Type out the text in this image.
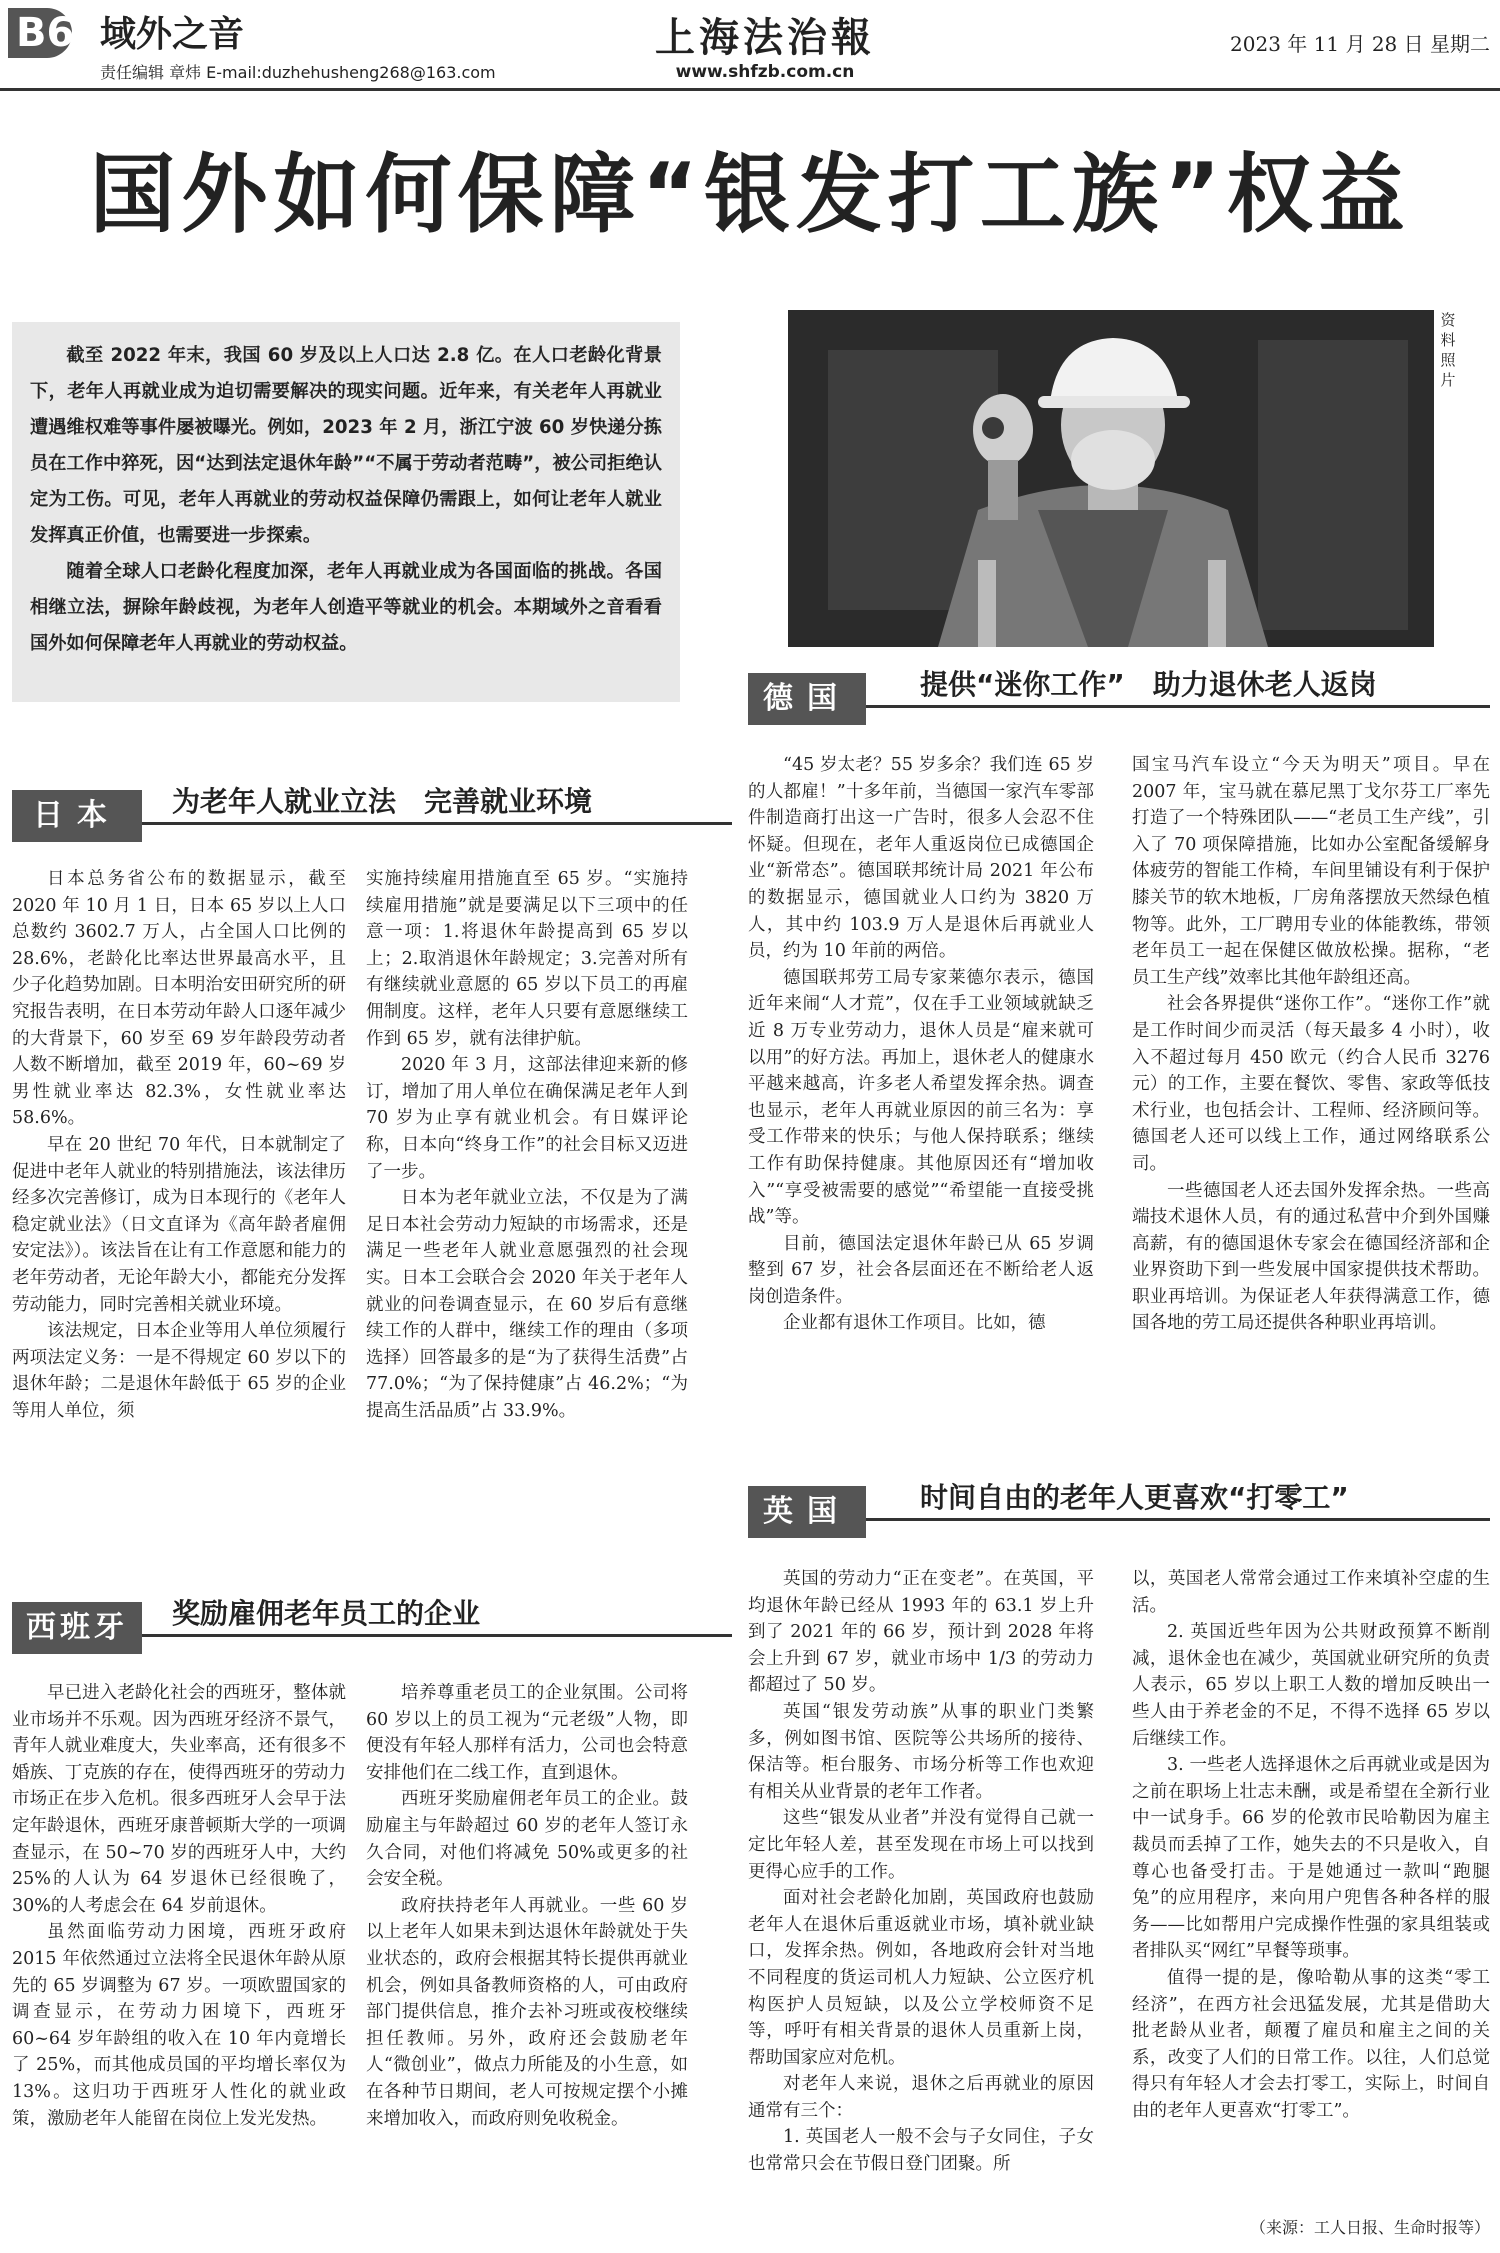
B6 域外之音
责任编辑 章炜 E-mail:duzhehusheng268@163.com
上海法治報
www.shfzb.com.cn
2023 年 11 月 28 日 星期二
国外如何保障“银发打工族”权益

截至 2022 年末，我国 60 岁及以上人口达 2.8 亿。在人口老龄化背景下，老年人再就业成为迫切需要解决的现实问题。近年来，有关老年人再就业遭遇维权难等事件屡被曝光。例如，2023 年 2 月，浙江宁波 60 岁快递分拣员在工作中猝死，因“达到法定退休年龄”“不属于劳动者范畴”，被公司拒绝认定为工伤。可见，老年人再就业的劳动权益保障仍需跟上，如何让老年人就业发挥真正价值，也需要进一步探索。

随着全球人口老龄化程度加深，老年人再就业成为各国面临的挑战。各国相继立法，摒除年龄歧视，为老年人创造平等就业的机会。本期域外之音看看国外如何保障老年人再就业的劳动权益。

资料照片
德国	提供“迷你工作”　助力退休老人返岗

“45 岁太老？55 岁多余？我们连 65 岁的人都雇！”十多年前，当德国一家汽车零部件制造商打出这一广告时，很多人会忍不住怀疑。但现在，老年人重返岗位已成德国企业“新常态”。德国联邦统计局 2021 年公布的数据显示，德国就业人口约为 3820 万人，其中约 103.9 万人是退休后再就业人员，约为 10 年前的两倍。

德国联邦劳工局专家莱德尔表示，德国近年来闹“人才荒”，仅在手工业领域就缺乏近 8 万专业劳动力，退休人员是“雇来就可以用”的好方法。再加上，退休老人的健康水平越来越高，许多老人希望发挥余热。调查也显示，老年人再就业原因的前三名为：享受工作带来的快乐；与他人保持联系；继续工作有助保持健康。其他原因还有“增加收入”“享受被需要的感觉”“希望能一直接受挑战”等。

目前，德国法定退休年龄已从 65 岁调整到 67 岁，社会各层面还在不断给老人返岗创造条件。

企业都有退休工作项目。比如，德

国宝马汽车设立“今天为明天”项目。早在 2007 年，宝马就在慕尼黑丁戈尔芬工厂率先打造了一个特殊团队——“老员工生产线”，引入了 70 项保障措施，比如办公室配备缓解身体疲劳的智能工作椅，车间里铺设有利于保护膝关节的软木地板，厂房角落摆放天然绿色植物等。此外，工厂聘用专业的体能教练，带领老年员工一起在保健区做放松操。据称，“老员工生产线”效率比其他年龄组还高。

社会各界提供“迷你工作”。“迷你工作”就是工作时间少而灵活（每天最多 4 小时），收入不超过每月 450 欧元（约合人民币 3276 元）的工作，主要在餐饮、零售、家政等低技术行业，也包括会计、工程师、经济顾问等。德国老人还可以线上工作，通过网络联系公司。

一些德国老人还去国外发挥余热。一些高端技术退休人员，有的通过私营中介到外国赚高薪，有的德国退休专家会在德国经济部和企业界资助下到一些发展中国家提供技术帮助。职业再培训。为保证老人年获得满意工作，德国各地的劳工局还提供各种职业再培训。

日本	为老年人就业立法　完善就业环境

日本总务省公布的数据显示，截至 2020 年 10 月 1 日，日本 65 岁以上人口总数约 3602.7 万人，占全国人口比例的 28.6%，老龄化比率达世界最高水平，且少子化趋势加剧。日本明治安田研究所的研究报告表明，在日本劳动年龄人口逐年减少的大背景下，60 岁至 69 岁年龄段劳动者人数不断增加，截至 2019 年，60~69 岁男性就业率达 82.3%，女性就业率达 58.6%。

早在 20 世纪 70 年代，日本就制定了促进中老年人就业的特别措施法，该法律历经多次完善修订，成为日本现行的《老年人稳定就业法》（日文直译为《高年龄者雇佣安定法》）。该法旨在让有工作意愿和能力的老年劳动者，无论年龄大小，都能充分发挥劳动能力，同时完善相关就业环境。

该法规定，日本企业等用人单位须履行两项法定义务：一是不得规定 60 岁以下的退休年龄；二是退休年龄低于 65 岁的企业等用人单位，须

实施持续雇用措施直至 65 岁。“实施持续雇用措施”就是要满足以下三项中的任意一项：1.将退休年龄提高到 65 岁以上；2.取消退休年龄规定；3.完善对所有有继续就业意愿的 65 岁以下员工的再雇佣制度。这样，老年人只要有意愿继续工作到 65 岁，就有法律护航。

2020 年 3 月，这部法律迎来新的修订，增加了用人单位在确保满足老年人到 70 岁为止享有就业机会。有日媒评论称，日本向“终身工作”的社会目标又迈进了一步。

日本为老年就业立法，不仅是为了满足日本社会劳动力短缺的市场需求，还是满足一些老年人就业意愿强烈的社会现实。日本工会联合会 2020 年关于老年人就业的问卷调查显示，在 60 岁后有意继续工作的人群中，继续工作的理由（多项选择）回答最多的是“为了获得生活费”占 77.0%；“为了保持健康”占 46.2%；“为提高生活品质”占 33.9%。

英国	时间自由的老年人更喜欢“打零工”

英国的劳动力“正在变老”。在英国，平均退休年龄已经从 1993 年的 63.1 岁上升到了 2021 年的 66 岁，预计到 2028 年将会上升到 67 岁，就业市场中 1/3 的劳动力都超过了 50 岁。

英国“银发劳动族”从事的职业门类繁多，例如图书馆、医院等公共场所的接待、保洁等。柜台服务、市场分析等工作也欢迎有相关从业背景的老年工作者。

这些“银发从业者”并没有觉得自己就一定比年轻人差，甚至发现在市场上可以找到更得心应手的工作。

面对社会老龄化加剧，英国政府也鼓励老年人在退休后重返就业市场，填补就业缺口，发挥余热。例如，各地政府会针对当地不同程度的货运司机人力短缺、公立医疗机构医护人员短缺，以及公立学校师资不足等，呼吁有相关背景的退休人员重新上岗，帮助国家应对危机。

对老年人来说，退休之后再就业的原因通常有三个：

1. 英国老人一般不会与子女同住，子女也常常只会在节假日登门团聚。所

以，英国老人常常会通过工作来填补空虚的生活。

2. 英国近些年因为公共财政预算不断削减，退休金也在减少，英国就业研究所的负责人表示，65 岁以上职工人数的增加反映出一些人由于养老金的不足，不得不选择 65 岁以后继续工作。

3. 一些老人选择退休之后再就业或是因为之前在职场上壮志未酬，或是希望在全新行业中一试身手。66 岁的伦敦市民哈勒因为雇主裁员而丢掉了工作，她失去的不只是收入，自尊心也备受打击。于是她通过一款叫“跑腿兔”的应用程序，来向用户兜售各种各样的服务——比如帮用户完成操作性强的家具组装或者排队买“网红”早餐等琐事。

值得一提的是，像哈勒从事的这类“零工经济”，在西方社会迅猛发展，尤其是借助大批老龄从业者，颠覆了雇员和雇主之间的关系，改变了人们的日常工作。以往，人们总觉得只有年轻人才会去打零工，实际上，时间自由的老年人更喜欢“打零工”。

西班牙	奖励雇佣老年员工的企业

早已进入老龄化社会的西班牙，整体就业市场并不乐观。因为西班牙经济不景气，青年人就业难度大，失业率高，还有很多不婚族、丁克族的存在，使得西班牙的劳动力市场正在步入危机。很多西班牙人会早于法定年龄退休，西班牙康普顿斯大学的一项调查显示，在 50~70 岁的西班牙人中，大约 25%的人认为 64 岁退休已经很晚了，30%的人考虑会在 64 岁前退休。

虽然面临劳动力困境，西班牙政府 2015 年依然通过立法将全民退休年龄从原先的 65 岁调整为 67 岁。一项欧盟国家的调查显示，在劳动力困境下，西班牙 60~64 岁年龄组的收入在 10 年内竟增长了 25%，而其他成员国的平均增长率仅为 13%。这归功于西班牙人性化的就业政策，激励老年人能留在岗位上发光发热。

培养尊重老员工的企业氛围。公司将 60 岁以上的员工视为“元老级”人物，即便没有年轻人那样有活力，公司也会特意安排他们在二线工作，直到退休。

西班牙奖励雇佣老年员工的企业。鼓励雇主与年龄超过 60 岁的老年人签订永久合同，对他们将减免 50%或更多的社会安全税。

政府扶持老年人再就业。一些 60 岁以上老年人如果未到达退休年龄就处于失业状态的，政府会根据其特长提供再就业机会，例如具备教师资格的人，可由政府部门提供信息，推介去补习班或夜校继续担任教师。另外，政府还会鼓励老年人“微创业”，做点力所能及的小生意，如在各种节日期间，老人可按规定摆个小摊来增加收入，而政府则免收税金。

（来源：工人日报、生命时报等）
